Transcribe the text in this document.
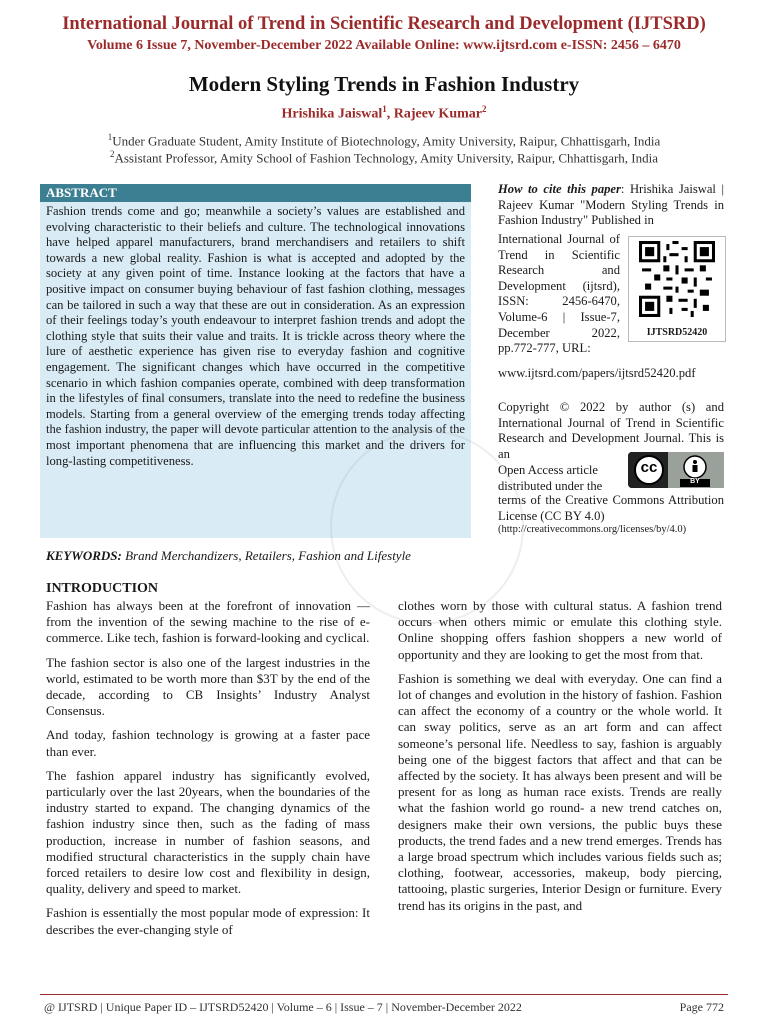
International Journal of Trend in Scientific Research and Development (IJTSRD)
Volume 6 Issue 7, November-December 2022 Available Online: www.ijtsrd.com e-ISSN: 2456 – 6470
Modern Styling Trends in Fashion Industry
Hrishika Jaiswal$^1$, Rajeev Kumar$^2$
$^1$Under Graduate Student, Amity Institute of Biotechnology, Amity University, Raipur, Chhattisgarh, India
$^2$Assistant Professor, Amity School of Fashion Technology, Amity University, Raipur, Chhattisgarh, India
ABSTRACT
Fashion trends come and go; meanwhile a society’s values are established and evolving characteristic to their beliefs and culture. The technological innovations have helped apparel manufacturers, brand merchandisers and retailers to shift towards a new global reality. Fashion is what is accepted and adopted by the society at any given point of time. Instance looking at the factors that have a positive impact on consumer buying behaviour of fast fashion clothing, messages can be tailored in such a way that these are out in consideration. As an expression of their feelings today’s youth endeavour to interpret fashion trends and adopt the clothing style that suits their value and traits. It is trickle across theory where the lure of aesthetic experience has given rise to everyday fashion and cognitive engagement. The significant changes which have occurred in the competitive scenario in which fashion companies operate, combined with deep transformation in the lifestyles of final consumers, translate into the need to redefine the business models. Starting from a general overview of the emerging trends today affecting the fashion industry, the paper will devote particular attention to the analysis of the most important phenomena that are influencing this market and the drivers for long-lasting competitiveness.
How to cite this paper: Hrishika Jaiswal | Rajeev Kumar "Modern Styling Trends in Fashion Industry" Published in
International Journal of Trend in Scientific Research and Development (ijtsrd), ISSN: 2456-6470, Volume-6 | Issue-7, December 2022, pp.772-777, URL:
www.ijtsrd.com/papers/ijtsrd52420.pdf
IJTSRD52420
Copyright © 2022 by author (s) and International Journal of Trend in Scientific Research and Development Journal. This is an
Open Access article distributed under the
terms of the Creative Commons Attribution License (CC BY 4.0)
(http://creativecommons.org/licenses/by/4.0)
cc
BY
KEYWORDS: Brand Merchandizers, Retailers, Fashion and Lifestyle
INTRODUCTION

Fashion has always been at the forefront of innovation — from the invention of the sewing machine to the rise of e-commerce. Like tech, fashion is forward-looking and cyclical.

The fashion sector is also one of the largest industries in the world, estimated to be worth more than $3T by the end of the decade, according to CB Insights’ Industry Analyst Consensus.

And today, fashion technology is growing at a faster pace than ever.

The fashion apparel industry has significantly evolved, particularly over the last 20years, when the boundaries of the industry started to expand. The changing dynamics of the fashion industry since then, such as the fading of mass production, increase in number of fashion seasons, and modified structural characteristics in the supply chain have forced retailers to desire low cost and flexibility in design, quality, delivery and speed to market.

Fashion is essentially the most popular mode of expression: It describes the ever-changing style of

clothes worn by those with cultural status. A fashion trend occurs when others mimic or emulate this clothing style. Online shopping offers fashion shoppers a new world of opportunity and they are looking to get the most from that.

Fashion is something we deal with everyday. One can find a lot of changes and evolution in the history of fashion. Fashion can affect the economy of a country or the whole world. It can sway politics, serve as an art form and can affect someone’s personal life. Needless to say, fashion is arguably being one of the biggest factors that affect and that can be affected by the society. It has always been present and will be present for as long as human race exists. Trends are really what the fashion world go round- a new trend catches on, designers make their own versions, the public buys these products, the trend fades and a new trend emerges. Trends has a large broad spectrum which includes various fields such as; clothing, footwear, accessories, makeup, body piercing, tattooing, plastic surgeries, Interior Design or furniture. Every trend has its origins in the past, and

@ IJTSRD | Unique Paper ID – IJTSRD52420 | Volume – 6 | Issue – 7 | November-December 2022	Page 772
